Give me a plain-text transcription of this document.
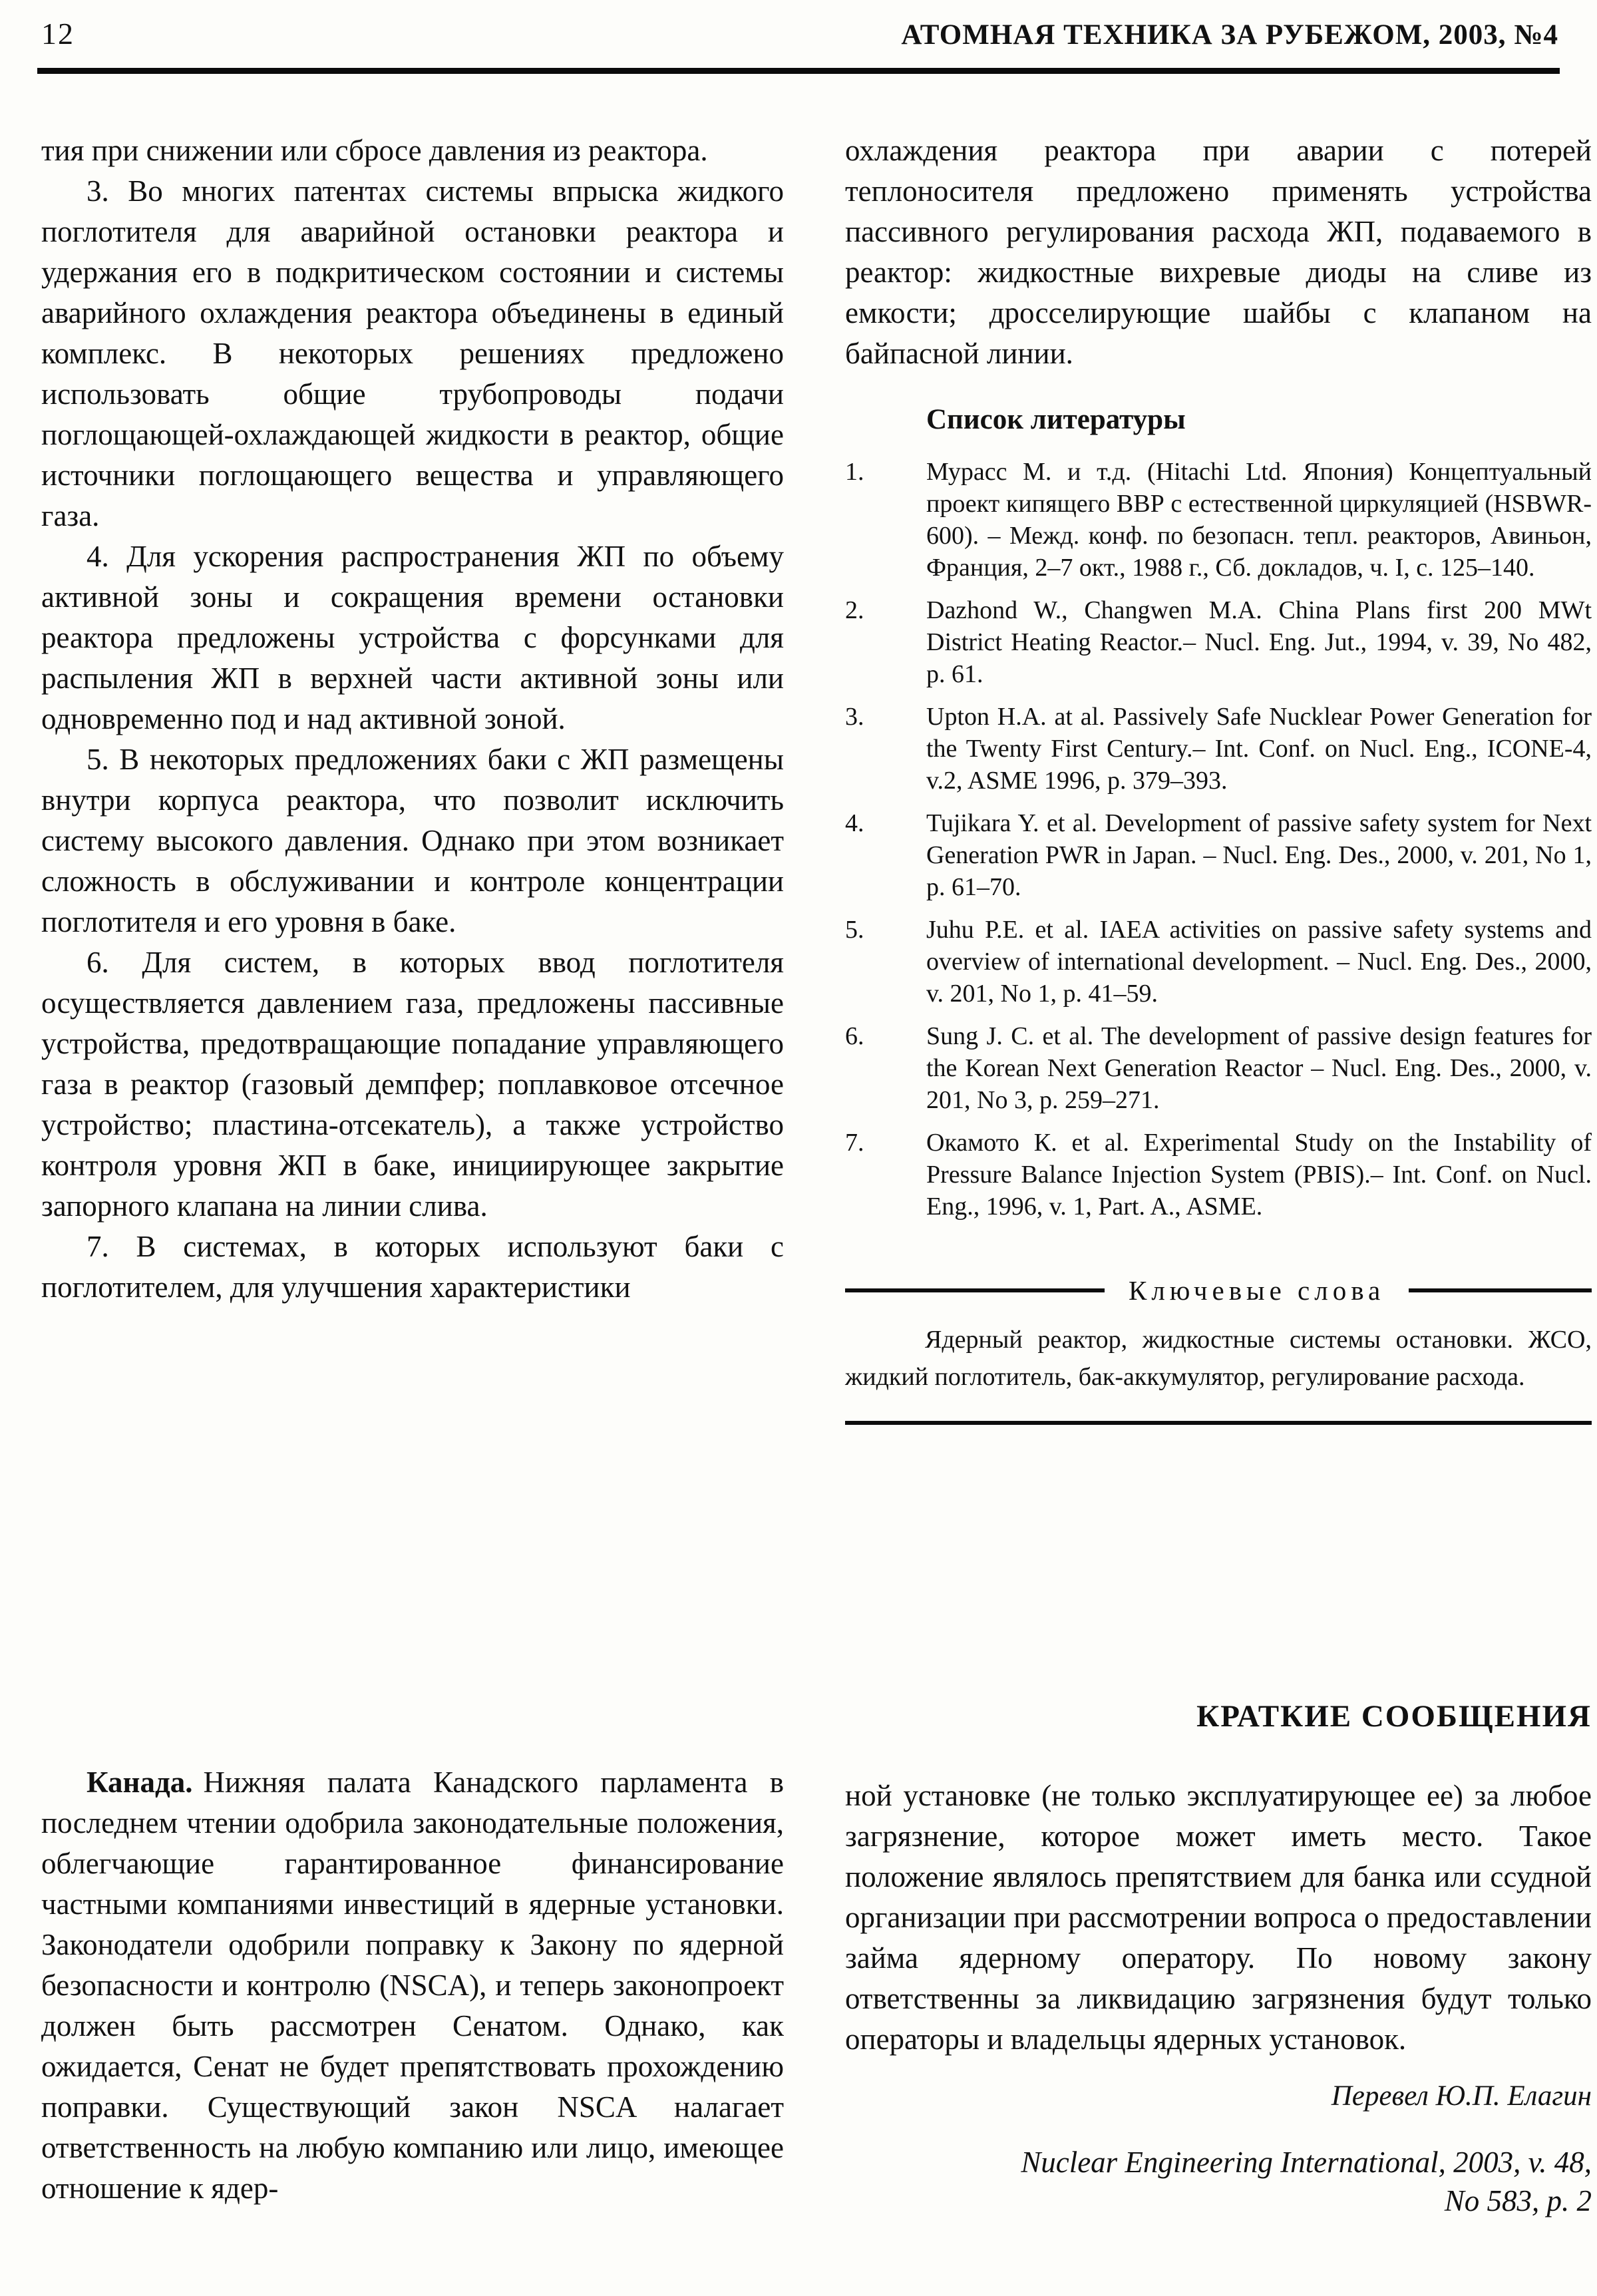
12	АТОМНАЯ ТЕХНИКА ЗА РУБЕЖОМ, 2003, №4

тия при снижении или сбросе давления из реактора.

3. Во многих патентах системы впрыска жидкого поглотителя для аварийной остановки реактора и удержания его в подкритическом состоянии и системы аварийного охлаждения реактора объединены в единый комплекс. В некоторых решениях предложено использовать общие трубопроводы подачи поглощающей-охлаждающей жидкости в реактор, общие источники поглощающего вещества и управляющего газа.

4. Для ускорения распространения ЖП по объему активной зоны и сокращения времени остановки реактора предложены устройства с форсунками для распыления ЖП в верхней части активной зоны или одновременно под и над активной зоной.

5. В некоторых предложениях баки с ЖП размещены внутри корпуса реактора, что позволит исключить систему высокого давления. Однако при этом возникает сложность в обслуживании и контроле концентрации поглотителя и его уровня в баке.

6. Для систем, в которых ввод поглотителя осуществляется давлением газа, предложены пассивные устройства, предотвращающие попадание управляющего газа в реактор (газовый демпфер; поплавковое отсечное устройство; пластина-отсекатель), а также устройство контроля уровня ЖП в баке, инициирующее закрытие запорного клапана на линии слива.

7. В системах, в которых используют баки с поглотителем, для улучшения характеристики

охлаждения реактора при аварии с потерей теплоносителя предложено применять устройства пассивного регулирования расхода ЖП, подаваемого в реактор: жидкостные вихревые диоды на сливе из емкости; дросселирующие шайбы с клапаном на байпасной линии.

Список литературы
1.	Мурасс М. и т.д. (Hitachi Ltd. Япония) Концептуальный проект кипящего ВВР с естественной циркуляцией (HSBWR-600). – Межд. конф. по безопасн. тепл. реакторов, Авиньон, Франция, 2–7 окт., 1988 г., Сб. докладов, ч. I, с. 125–140.
2.	Dazhond W., Changwen M.A. China Plans first 200 MWt District Heating Reactor.– Nucl. Eng. Jut., 1994, v. 39, No 482, p. 61.
3.	Upton H.A. at al. Passively Safe Nucklear Power Generation for the Twenty First Century.– Int. Conf. on Nucl. Eng., ICONE-4, v.2, ASME 1996, p. 379–393.
4.	Tujikara Y. et al. Development of passive safety system for Next Generation PWR in Japan. – Nucl. Eng. Des., 2000, v. 201, No 1, p. 61–70.
5.	Juhu P.E. et al. IAEA activities on passive safety systems and overview of international development. – Nucl. Eng. Des., 2000, v. 201, No 1, p. 41–59.
6.	Sung J. C. et al. The development of passive design features for the Korean Next Generation Reactor – Nucl. Eng. Des., 2000, v. 201, No 3, p. 259–271.
7.	Окамото К. et al. Experimental Study on the Instability of Pressure Balance Injection System (PBIS).– Int. Conf. on Nucl. Eng., 1996, v. 1, Part. A., ASME.
Ключевые слова

Ядерный реактор, жидкостные системы остановки. ЖСО, жидкий поглотитель, бак-аккумулятор, регулирование расхода.

КРАТКИЕ СООБЩЕНИЯ

Канада. Нижняя палата Канадского парламента в последнем чтении одобрила законодательные положения, облегчающие гарантированное финансирование частными компаниями инвестиций в ядерные установки. Законодатели одобрили поправку к Закону по ядерной безопасности и контролю (NSCA), и теперь законопроект должен быть рассмотрен Сенатом. Однако, как ожидается, Сенат не будет препятствовать прохождению поправки. Существующий закон NSCA налагает ответственность на любую компанию или лицо, имеющее отношение к ядер-

ной установке (не только эксплуатирующее ее) за любое загрязнение, которое может иметь место. Такое положение являлось препятствием для банка или ссудной организации при рассмотрении вопроса о предоставлении займа ядерному оператору. По новому закону ответственны за ликвидацию загрязнения будут только операторы и владельцы ядерных установок.

Перевел Ю.П. Елагин
Nuclear Engineering International, 2003, v. 48,
No 583, p. 2
